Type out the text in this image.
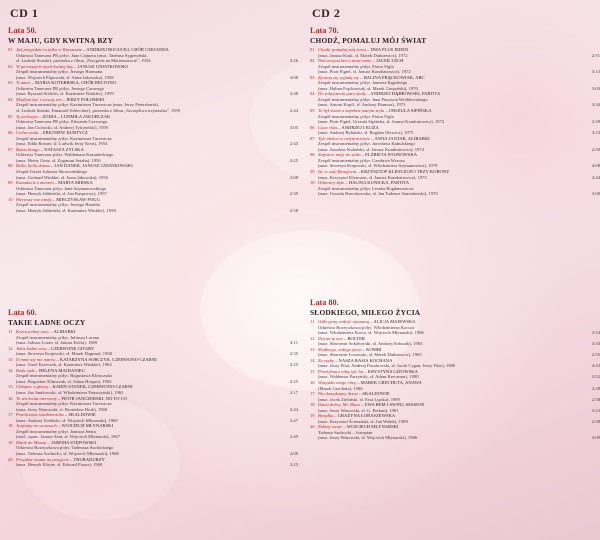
CD 1
Lata 50.
W MAJU, GDY KWITNĄ BZY
01 Jak przyjedzie to tylko w Warszawie – ANDRZEJ BOGUCKI, CHÓR CZEJANDA
Orkiestra Taneczna PR p/dyr. Jana Cajmera (muz. Tadeusz Sygietyński,
sł. Ludwik Starski), piosenka z filmu „Przygoda na Mariensztacie", 1954	3:26
02 W pierwszych mych kwitną bzy – JANUSZ GNIATKOWSKI
Zespół instrumentalny p/dyr. Jerzego Harmana
(muz. Wojciech Piętowski, sł. Anna Jakowska), 1958	4:08
03 Ti amor – MARIA KOTERBSKA, CHÓR BELTONO
Orkiestra Taneczna PR p/dyr. Jerzego Caronego
(muz. Ryszard Sielicki, sł. Kazimierz Winkler), 1959	3:48
04 Modlym być i wiosny nie – JERZY POŁOMSKI
Zespół instrumentalny p/dyr. Kazimierza Turewicza (muz. Jerzy Petersburski,
sł. Ludwik Starski, Emanuel Schlechter), piosenka z filmu „Szczęśliwa trzynastka", 1959	2:44
05 Ty zielonym – ZODIA – LUDMIŁA JAKUBCZAK
Orkiestra Taneczna PR p/dyr. Edwarda Czerwego
(muz. Jan Cichocki, sł. Andrzej Tylczyński), 1959	3:05
06 Cicha woda – ZBIGNIEW KURTYCZ
Zespół instrumentalny p/dyr. Kazimierza Turewicza
(muz. Edda Rosner, sł. Ludwik Jerzy Kern), 1954	2:43
07 Baino bongo – NATASZA ZYLSKA
Orkiestra Taneczna p/dyr. Waldemara Kazanieckiego
(muz. Heinz Gietz, sł. Zygmunt Sztaba), 1956	2:25
08 Bella, bella donna – JAN DANEK, JANUSZ GNIATKOWSKI
Zespół Józefa Juliusza Skowrońskiego
(muz. Gerhard Winkler, sł. Anna Jakowska), 1956	2:08
09 Kanadacie z marzeń – MARTA MIRSKA
Orkiestra Taneczna p/dyr. Jana Szymanowskiego
(muz. Henryk Jabłoński, sł. Jan Kasprowy), 1957	2:39
10 Pierwszy raz wtedy – MIECZYSŁAW FOGG
Zespół instrumentalny p/dyr. Jerzego Haralda
(muz. Henryk Jabłoński, sł. Kazimierz Winkler), 1958	2:58
Lata 60.
TAKIE ŁADNE OCZY
11 Kwiat jednej nocy – ALIBABKI
Zespół instrumentalny p/dyr. Juliusza Lorana
(muz. Juliusz Loran, sł. Janusz Kofta), 1969	4:11
12 Takie ładne oczy – CZERWONE GITARY
(muz. Seweryn Krajewski, sł. Marek Dagnan), 1968	2:35
13 O mnie się nie martw – KATARZYNA SOBCZYK, CZERWONO-CZARNI
(muz. Józef Krzeczek, sł. Kazimierz Winkler), 1964	2:25
14 Rudy rydz – HELENA MAJDANIEC
Zespół instrumentalny p/dyr. Bogusława Klimczuka
(muz. Bogusław Klimczuk, sł. Adam Hosper), 1963	2:25
15 Chłopiec z gitarą – KARIN STANEK, CZERWONO-CZARNI
(muz. Jan Janikowski, sł. Włodzimierz Patuszyński), 1963	2:17
16 To ten kwiat czerwony – PIOTR JANCZERSKI, NO TO CO
Zespół instrumentalny p/dyr. Kazimierza Turewicza
(muz. Jerzy Wasowski, sł. Bronisław Brok), 1968	2:44
17 Przeliczona wiadomośćka – SKALDOWIE
(muz. Andrzej Zieliński, sł. Wojciech Młynarski), 1969	2:47
18 Jesteśmy na wczasach – WOJCIECH MŁYNARSKI
Zespół instrumentalny p/dyr. Janusza Senta
(trad., oprac. Janusz Sent, sł. Wojciech Młynarski), 1967	2:49
19 Dziok do Miasta – JAREMA STĘPOWSKI
Orkiestra Rozrywkowa p/dyr. Tadeusza Suchockiego
(muz. Tadeusz Suchocki, sł. Wojciech Młynarski), 1968	2:08
20 Przyjdzie mama na przyjęcie – TRUBADURZY
(muz. Henryk Klejne, sł. Edward Fiszer), 1968	3:23
CD 2
Lata 70.
CHODŹ, POMALUJ MÓJ ŚWIAT
01 Chodź, pomaluj mój świat – DWA PLUS JEDEN
(muz. Janusz Kruk, sł. Marek Dutkiewicz), 1972	2:51
02 Dziewczyna bez a może mnie – JACEK LECH
Zespół instrumentalny p/dyr. Piotra Figla
(muz. Piotr Figiel, sł. Janusz Kondratowicz), 1972	3:13
03 Za mną się wyjadą się – HALINA FRĄCKOWIAK, ABC
Zespół instrumentalny p/dyr. Janusza Kępskiego
(muz. Halina Frąckowiak, sł. Marek Gaszyński), 1970	3:03
04 Do zobaczenia jutro kiedy – ANDRZEJ DĄBROWSKI, PARTITA
Zespół instrumentalny p/dyr. Jana Ptaszyna Wróblewskiego
(muz. Antoni Kopff, sł. Andrzej Bianusz), 1971	3:34
05 To był świat w zupełnie starym stylu – URSZULA SIPIŃSKA
Zespół instrumentalny p/dyr. Piotra Figla
(muz. Piotr Figiel, Urszula Sipińska, sł. Janusz Kondratowicz), 1972	2:39
06 Cuca róża – ANDRZEJ I ELIZA
(muz. Andrzej Rybiński, sł. Bogdan Olewicz), 1975	3:13
07 Tyle słońca w całym mieście – ANNA JANTAR, ALIBABKI
Zespół instrumentalny p/dyr. Jarosława Kukulskiego
(muz. Jarosław Kukulski, sł. Janusz Kondratowicz), 1974	2:50
08 Zapracie moje do stołu – ELŻBIETA WOJNOWSKA
Zespół instrumentalny p/dyr. Czesława Wrzosa
(muz. Seweryn Krajewski, sł. Włodzimierz Szymanowicz), 1979	4:08
09 Iść w stali Beauforta – KRZYSZTOF KLENCZON I TRZY KORONY
(muz. Krzysztof Klenczon, sł. Janusz Kondratowicz), 1973	2:44
10 Orkiestry dęte – HALINA KUNICKA, PARTITA
Zespół instrumentalny p/dyr. Leszka Bogdanowicza
(muz. Urszula Rzeczkowska, sł. Jan Tadeusz Stanisławski), 1970	3:00
Lata 80.
SŁODKIEGO, MIŁEGO ŻYCIA
11 Odkryjemy miłość nieznaną – ALICJA MAJEWSKA
Orkiestra Rozrywkowa p/dyr. Włodzimierza Korcza
(muz. Włodzimierz Korcz, sł. Wojciech Młynarski), 1986	3:54
12 Daj mi tę noc – BOLTER
(muz. Sławomir Sokołowski, sł. Andrzej Sobczak), 1983	3:33
13 Słodkiego, miłego życia – KOMBI
(muz. Sławomir Łosowski, sł. Marek Dutkiewicz), 1983	2:55
14 Za szybę – NASZA BASIA KOCHANA
(muz. Jerzy Filar, Andrzej Puczkowski, sł. Jacek Cygan, Jerzy Filar), 1980	4:43
15 Przeżyłam z tobą tyle lat – KRYSTYNA GIŻOWSKA
(muz. Waldemar Parzyński, sł. Adam Kreczmar), 1980	3:52
16 Wszystko czego chcę – MAREK GRECHUTA, ANAWA
(Marek Grechuta), 1986	3:38
17 Nie domykajmy drzwi – SKALDOWIE
(muz. Jacek Zieliński, sł. Ewa Lipska), 1989	2:58
18 Dzień dobry, Mr. Blues – EWA BEM I SWING SESSION
(muz. Jerzy Wasowski, sł. G. Perkun), 1981	3:23
19 Brzydka – GRAŻYNA ŁOBASZEWSKA
(muz. Krzysztof Ścierański, sł. Jan Wołek), 1989	2:58
20 Róbmy swoje – WOJCIECH MŁYNARSKI
Tadeusz Suchocki – fortepian
(muz. Jerzy Wasowski, sł. Wojciech Młynarski), 1986	3:09
